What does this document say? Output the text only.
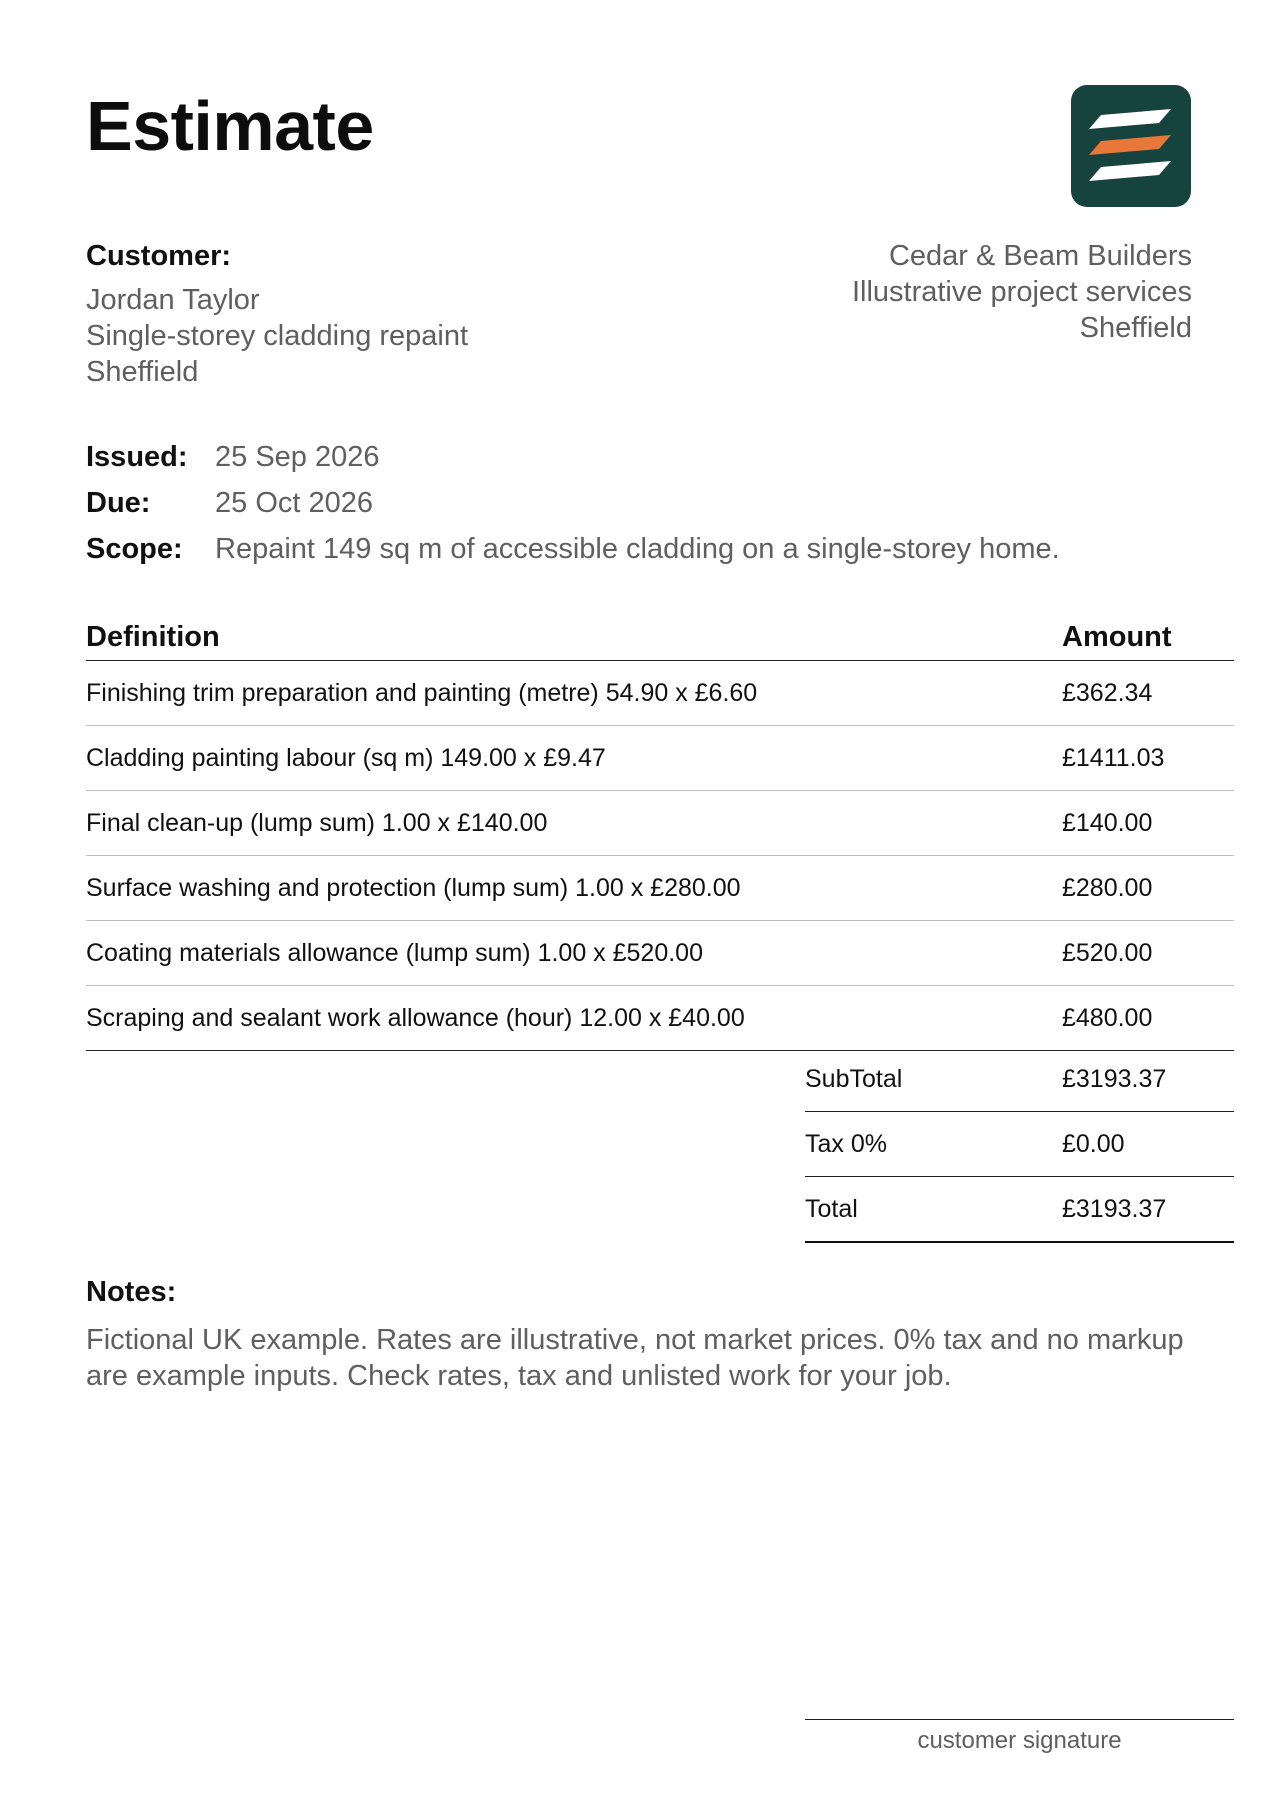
Estimate
Customer:
Jordan Taylor
Single-storey cladding repaint
Sheffield
Cedar & Beam Builders
Illustrative project services
Sheffield
Issued: 25 Sep 2026
Due:	25 Oct 2026
Scope:	Repaint 149 sq m of accessible cladding on a single-storey home.
Definition	Amount
Finishing trim preparation and painting (metre) 54.90 x £6.60	£362.34
Cladding painting labour (sq m) 149.00 x £9.47	£1411.03
Final clean-up (lump sum) 1.00 x £140.00	£140.00
Surface washing and protection (lump sum) 1.00 x £280.00	£280.00
Coating materials allowance (lump sum) 1.00 x £520.00	£520.00
Scraping and sealant work allowance (hour) 12.00 x £40.00	£480.00
SubTotal	£3193.37
Tax 0%	£0.00
Total	£3193.37
Notes:
Fictional UK example. Rates are illustrative, not market prices. 0% tax and no markup are example inputs. Check rates, tax and unlisted work for your job.
customer signature
